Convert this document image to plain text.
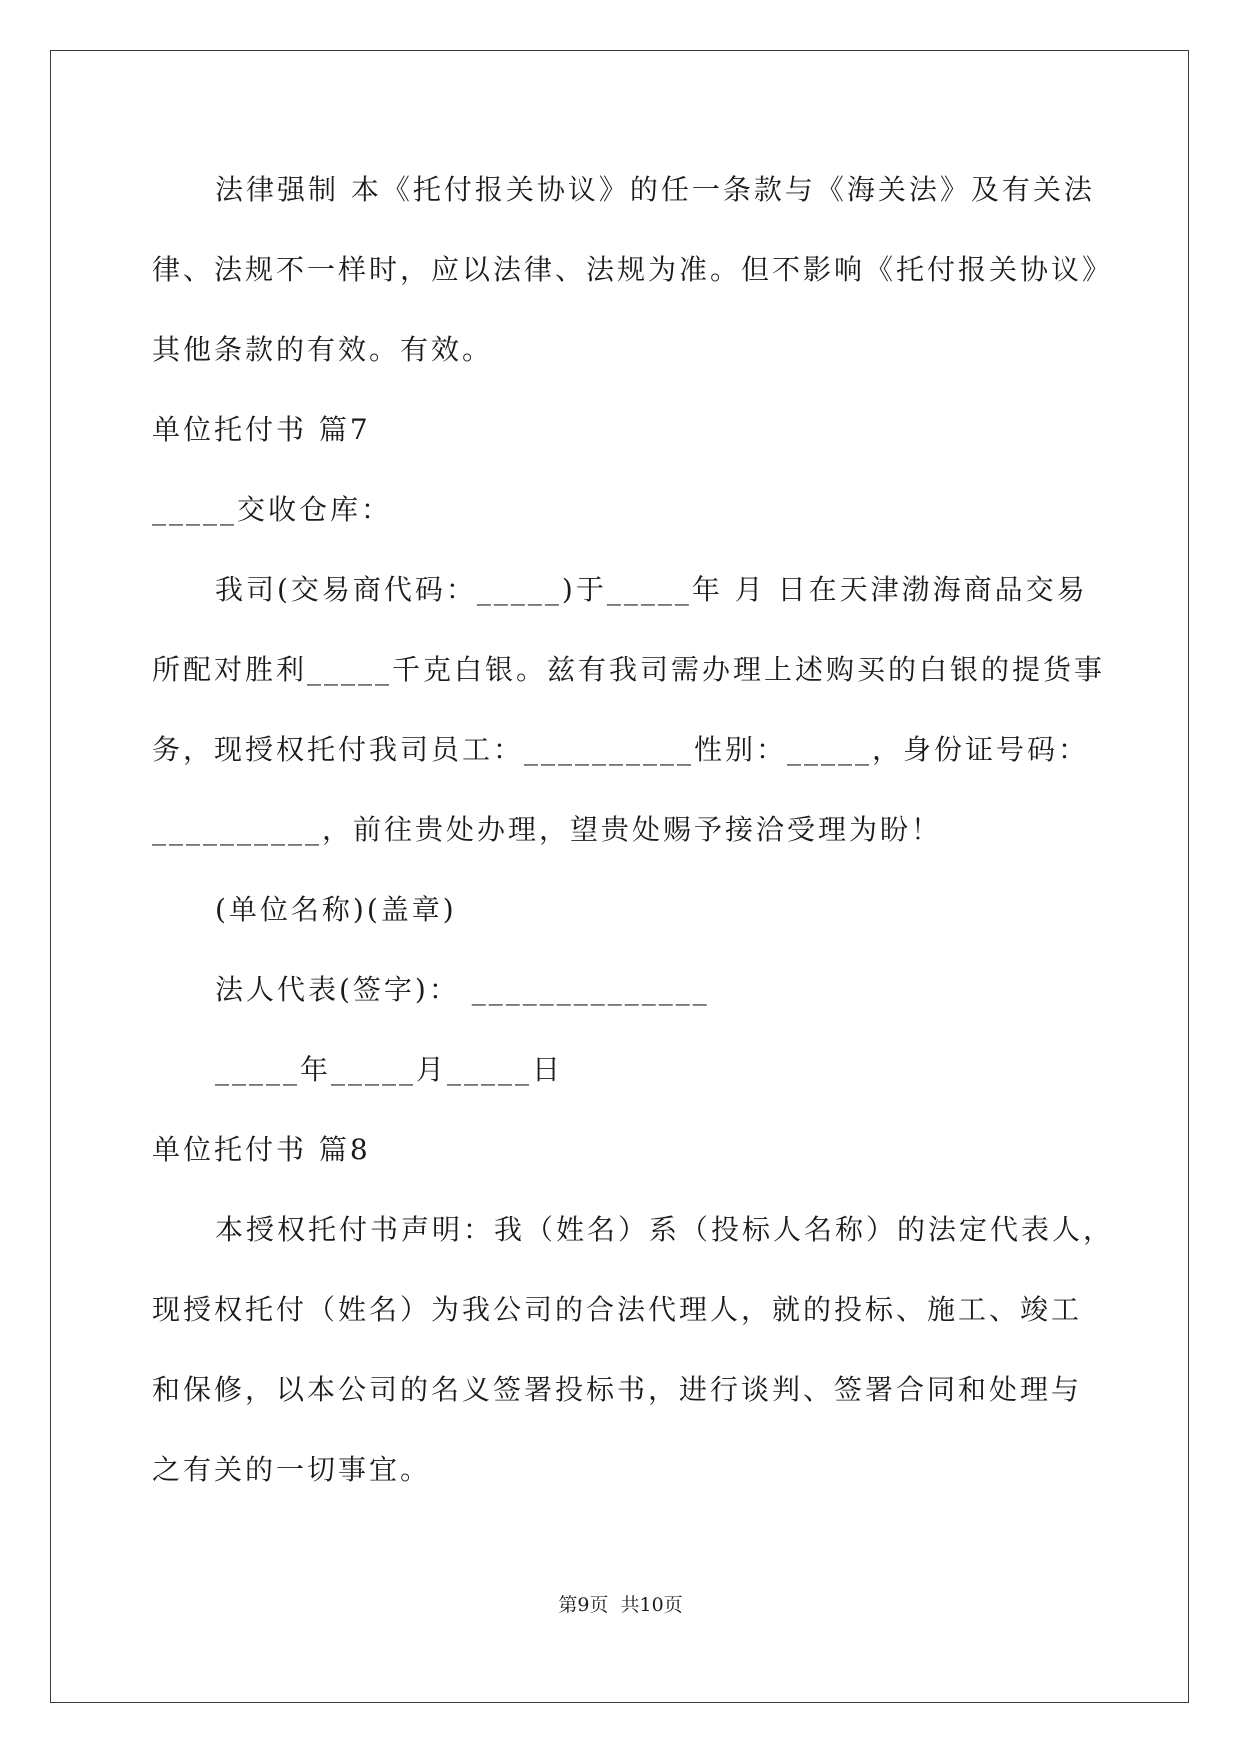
法律强制 本《托付报关协议》的任一条款与《海关法》及有关法
律、法规不一样时，应以法律、法规为准。但不影响《托付报关协议》
其他条款的有效。有效。
单位托付书 篇7
_____交收仓库：
我司(交易商代码：_____)于_____年 月 日在天津渤海商品交易
所配对胜利_____千克白银。兹有我司需办理上述购买的白银的提货事
务，现授权托付我司员工：__________性别：_____，身份证号码：
__________，前往贵处办理，望贵处赐予接洽受理为盼！
(单位名称)(盖章)
法人代表(签字)： ______________
_____年_____月_____日
单位托付书 篇8
本授权托付书声明：我（姓名）系（投标人名称）的法定代表人，
现授权托付（姓名）为我公司的合法代理人，就的投标、施工、竣工
和保修，以本公司的名义签署投标书，进行谈判、签署合同和处理与
之有关的一切事宜。
第9页  共10页
